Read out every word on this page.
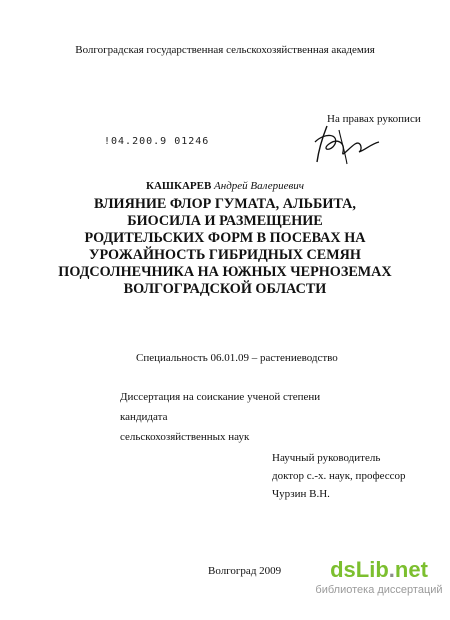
Волгоградская государственная сельскохозяйственная академия
На правах рукописи
!04.200.9 01246
КАШКАРЕВ Андрей Валериевич
ВЛИЯНИЕ ФЛОР ГУМАТА, АЛЬБИТА,
БИОСИЛА И РАЗМЕЩЕНИЕ
РОДИТЕЛЬСКИХ ФОРМ В ПОСЕВАХ НА
УРОЖАЙНОСТЬ ГИБРИДНЫХ СЕМЯН
ПОДСОЛНЕЧНИКА НА ЮЖНЫХ ЧЕРНОЗЕМАХ
ВОЛГОГРАДСКОЙ ОБЛАСТИ
Специальность 06.01.09 – растениеводство
Диссертация на соискание ученой степени кандидата
сельскохозяйственных наук
Научный руководитель
доктор с.-х. наук, профессор
Чурзин В.Н.
Волгоград 2009	dsLib.net
библиотека диссертаций
